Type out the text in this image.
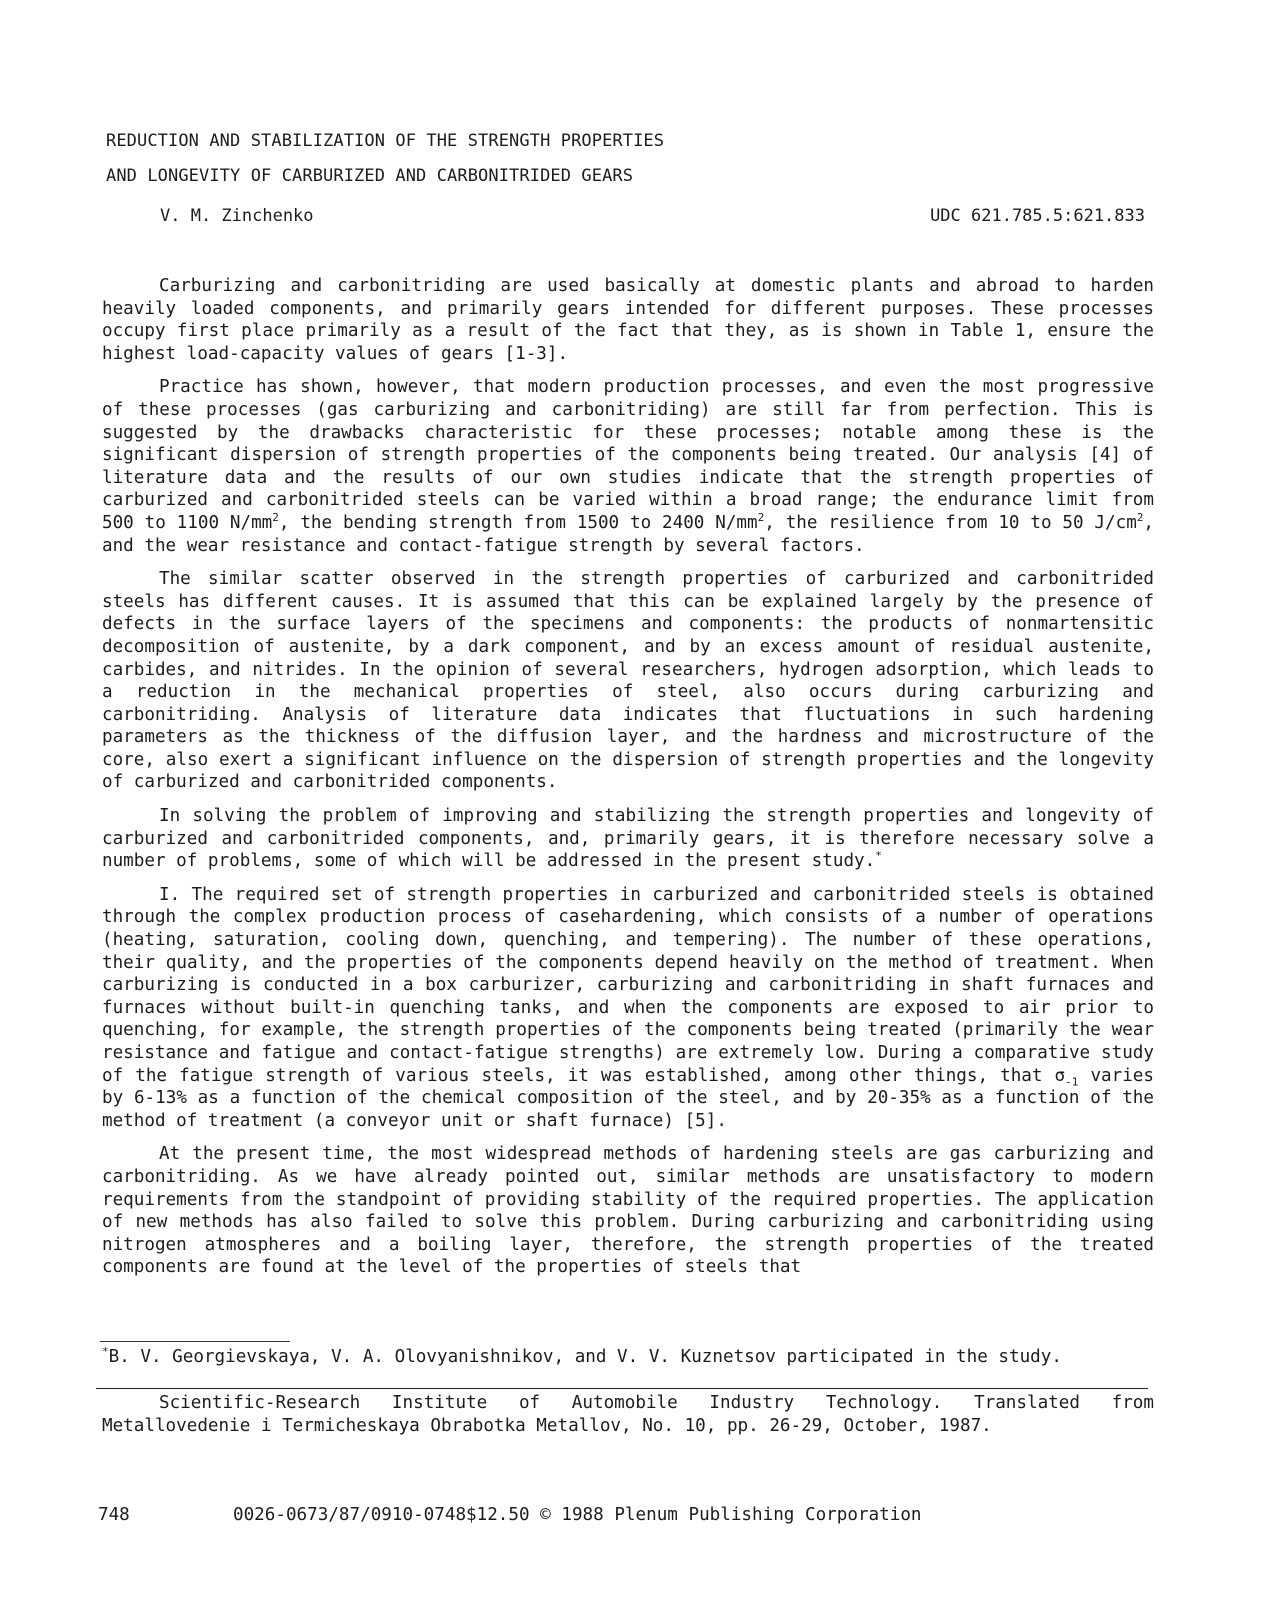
REDUCTION AND STABILIZATION OF THE STRENGTH PROPERTIES
AND LONGEVITY OF CARBURIZED AND CARBONITRIDED GEARS
V. M. Zinchenko	UDC 621.785.5:621.833

Carburizing and carbonitriding are used basically at domestic plants and abroad to harden heavily loaded components, and primarily gears intended for different purposes. These processes occupy first place primarily as a result of the fact that they, as is shown in Table 1, ensure the highest load-capacity values of gears [1-3].

Practice has shown, however, that modern production processes, and even the most progressive of these processes (gas carburizing and carbonitriding) are still far from perfection. This is suggested by the drawbacks characteristic for these processes; notable among these is the significant dispersion of strength properties of the components being treated. Our analysis [4] of literature data and the results of our own studies indicate that the strength properties of carburized and carbonitrided steels can be varied within a broad range; the endurance limit from 500 to 1100 $N/mm^2$, the bending strength from 1500 to 2400 $N/mm^2$, the resilience from 10 to 50 $J/cm^2$, and the wear resistance and contact-fatigue strength by several factors.

The similar scatter observed in the strength properties of carburized and carbonitrided steels has different causes. It is assumed that this can be explained largely by the presence of defects in the surface layers of the specimens and components: the products of nonmartensitic decomposition of austenite, by a dark component, and by an excess amount of residual austenite, carbides, and nitrides. In the opinion of several researchers, hydrogen adsorption, which leads to a reduction in the mechanical properties of steel, also occurs during carburizing and carbonitriding. Analysis of literature data indicates that fluctuations in such hardening parameters as the thickness of the diffusion layer, and the hardness and microstructure of the core, also exert a significant influence on the dispersion of strength properties and the longevity of carburized and carbonitrided components.

In solving the problem of improving and stabilizing the strength properties and longevity of carburized and carbonitrided components, and, primarily gears, it is therefore necessary solve a number of problems, some of which will be addressed in the present study.*

I. The required set of strength properties in carburized and carbonitrided steels is obtained through the complex production process of casehardening, which consists of a number of operations (heating, saturation, cooling down, quenching, and tempering). The number of these operations, their quality, and the properties of the components depend heavily on the method of treatment. When carburizing is conducted in a box carburizer, carburizing and carbonitriding in shaft furnaces and furnaces without built-in quenching tanks, and when the components are exposed to air prior to quenching, for example, the strength properties of the components being treated (primarily the wear resistance and fatigue and contact-fatigue strengths) are extremely low. During a comparative study of the fatigue strength of various steels, it was established, among other things, that $\sigma_{-1}$ varies by 6-13% as a function of the chemical composition of the steel, and by 20-35% as a function of the method of treatment (a conveyor unit or shaft furnace) [5].

At the present time, the most widespread methods of hardening steels are gas carburizing and carbonitriding. As we have already pointed out, similar methods are unsatisfactory to modern requirements from the standpoint of providing stability of the required properties. The application of new methods has also failed to solve this problem. During carburizing and carbonitriding using nitrogen atmospheres and a boiling layer, therefore, the strength properties of the treated components are found at the level of the properties of steels that

*B. V. Georgievskaya, V. A. Olovyanishnikov, and V. V. Kuznetsov participated in the study.

Scientific-Research Institute of Automobile Industry Technology. Translated from Metallovedenie i Termicheskaya Obrabotka Metallov, No. 10, pp. 26-29, October, 1987.

748	0026-0673/87/0910-0748$12.50 © 1988 Plenum Publishing Corporation
